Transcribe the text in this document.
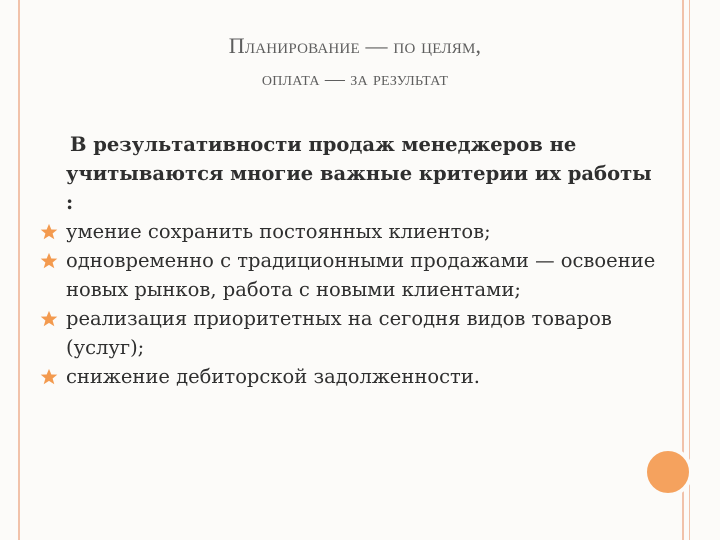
Планирование — по целям,
оплата — за результат
В результативности продаж менеджеров не учитываются многие важные критерии их работы :
умение сохранить постоянных клиентов;
одновременно с традиционными продажами — освоение новых рынков, работа с новыми клиентами;
реализация приоритетных на сегодня видов товаров (услуг);
снижение дебиторской задолженности.
